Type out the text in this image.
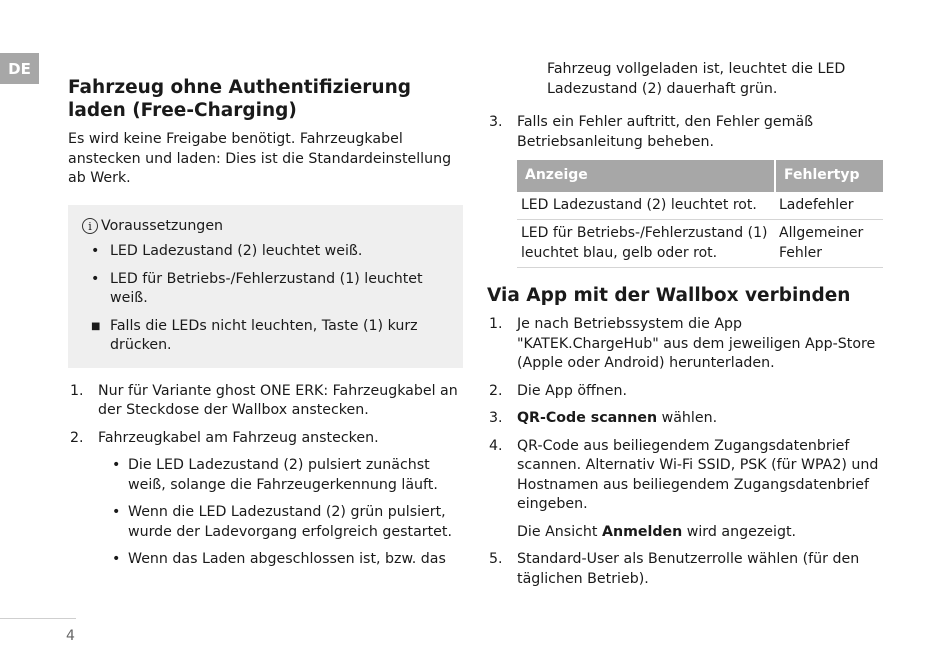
DE
Fahrzeug ohne Authentifizierung laden (Free-Charging)

Es wird keine Freigabe benötigt. Fahrzeugkabel anstecken und laden: Dies ist die Standardeinstellung ab Werk.

i Voraussetzungen
• LED Ladezustand (2) leuchtet weiß.
• LED für Betriebs-/Fehlerzustand (1) leuchtet weiß.
■ Falls die LEDs nicht leuchten, Taste (1) kurz drücken.
1. Nur für Variante ghost ONE ERK: Fahrzeugkabel an der Steckdose der Wallbox anstecken.
2. Fahrzeugkabel am Fahrzeug anstecken.
• Die LED Ladezustand (2) pulsiert zunächst weiß, solange die Fahrzeugerkennung läuft.
• Wenn die LED Ladezustand (2) grün pulsiert, wurde der Ladevorgang erfolgreich gestartet.
• Wenn das Laden abgeschlossen ist, bzw. das

Fahrzeug vollgeladen ist, leuchtet die LED Ladezustand (2) dauerhaft grün.

3. Falls ein Fehler auftritt, den Fehler gemäß Betriebsanleitung beheben.
Anzeige	Fehlertyp
LED Ladezustand (2) leuchtet rot.	Ladefehler
LED für Betriebs-/Fehlerzustand (1) leuchtet blau, gelb oder rot.	Allgemeiner Fehler
Via App mit der Wallbox verbinden
1. Je nach Betriebssystem die App "KATEK.ChargeHub" aus dem jeweiligen App-Store (Apple oder Android) herunterladen.
2. Die App öffnen.
3. QR-Code scannen wählen.
4. QR-Code aus beiliegendem Zugangsdatenbrief scannen. Alternativ Wi-Fi SSID, PSK (für WPA2) und Hostnamen aus beiliegendem Zugangsdatenbrief eingeben.

Die Ansicht Anmelden wird angezeigt.

5. Standard-User als Benutzerrolle wählen (für den täglichen Betrieb).
4
